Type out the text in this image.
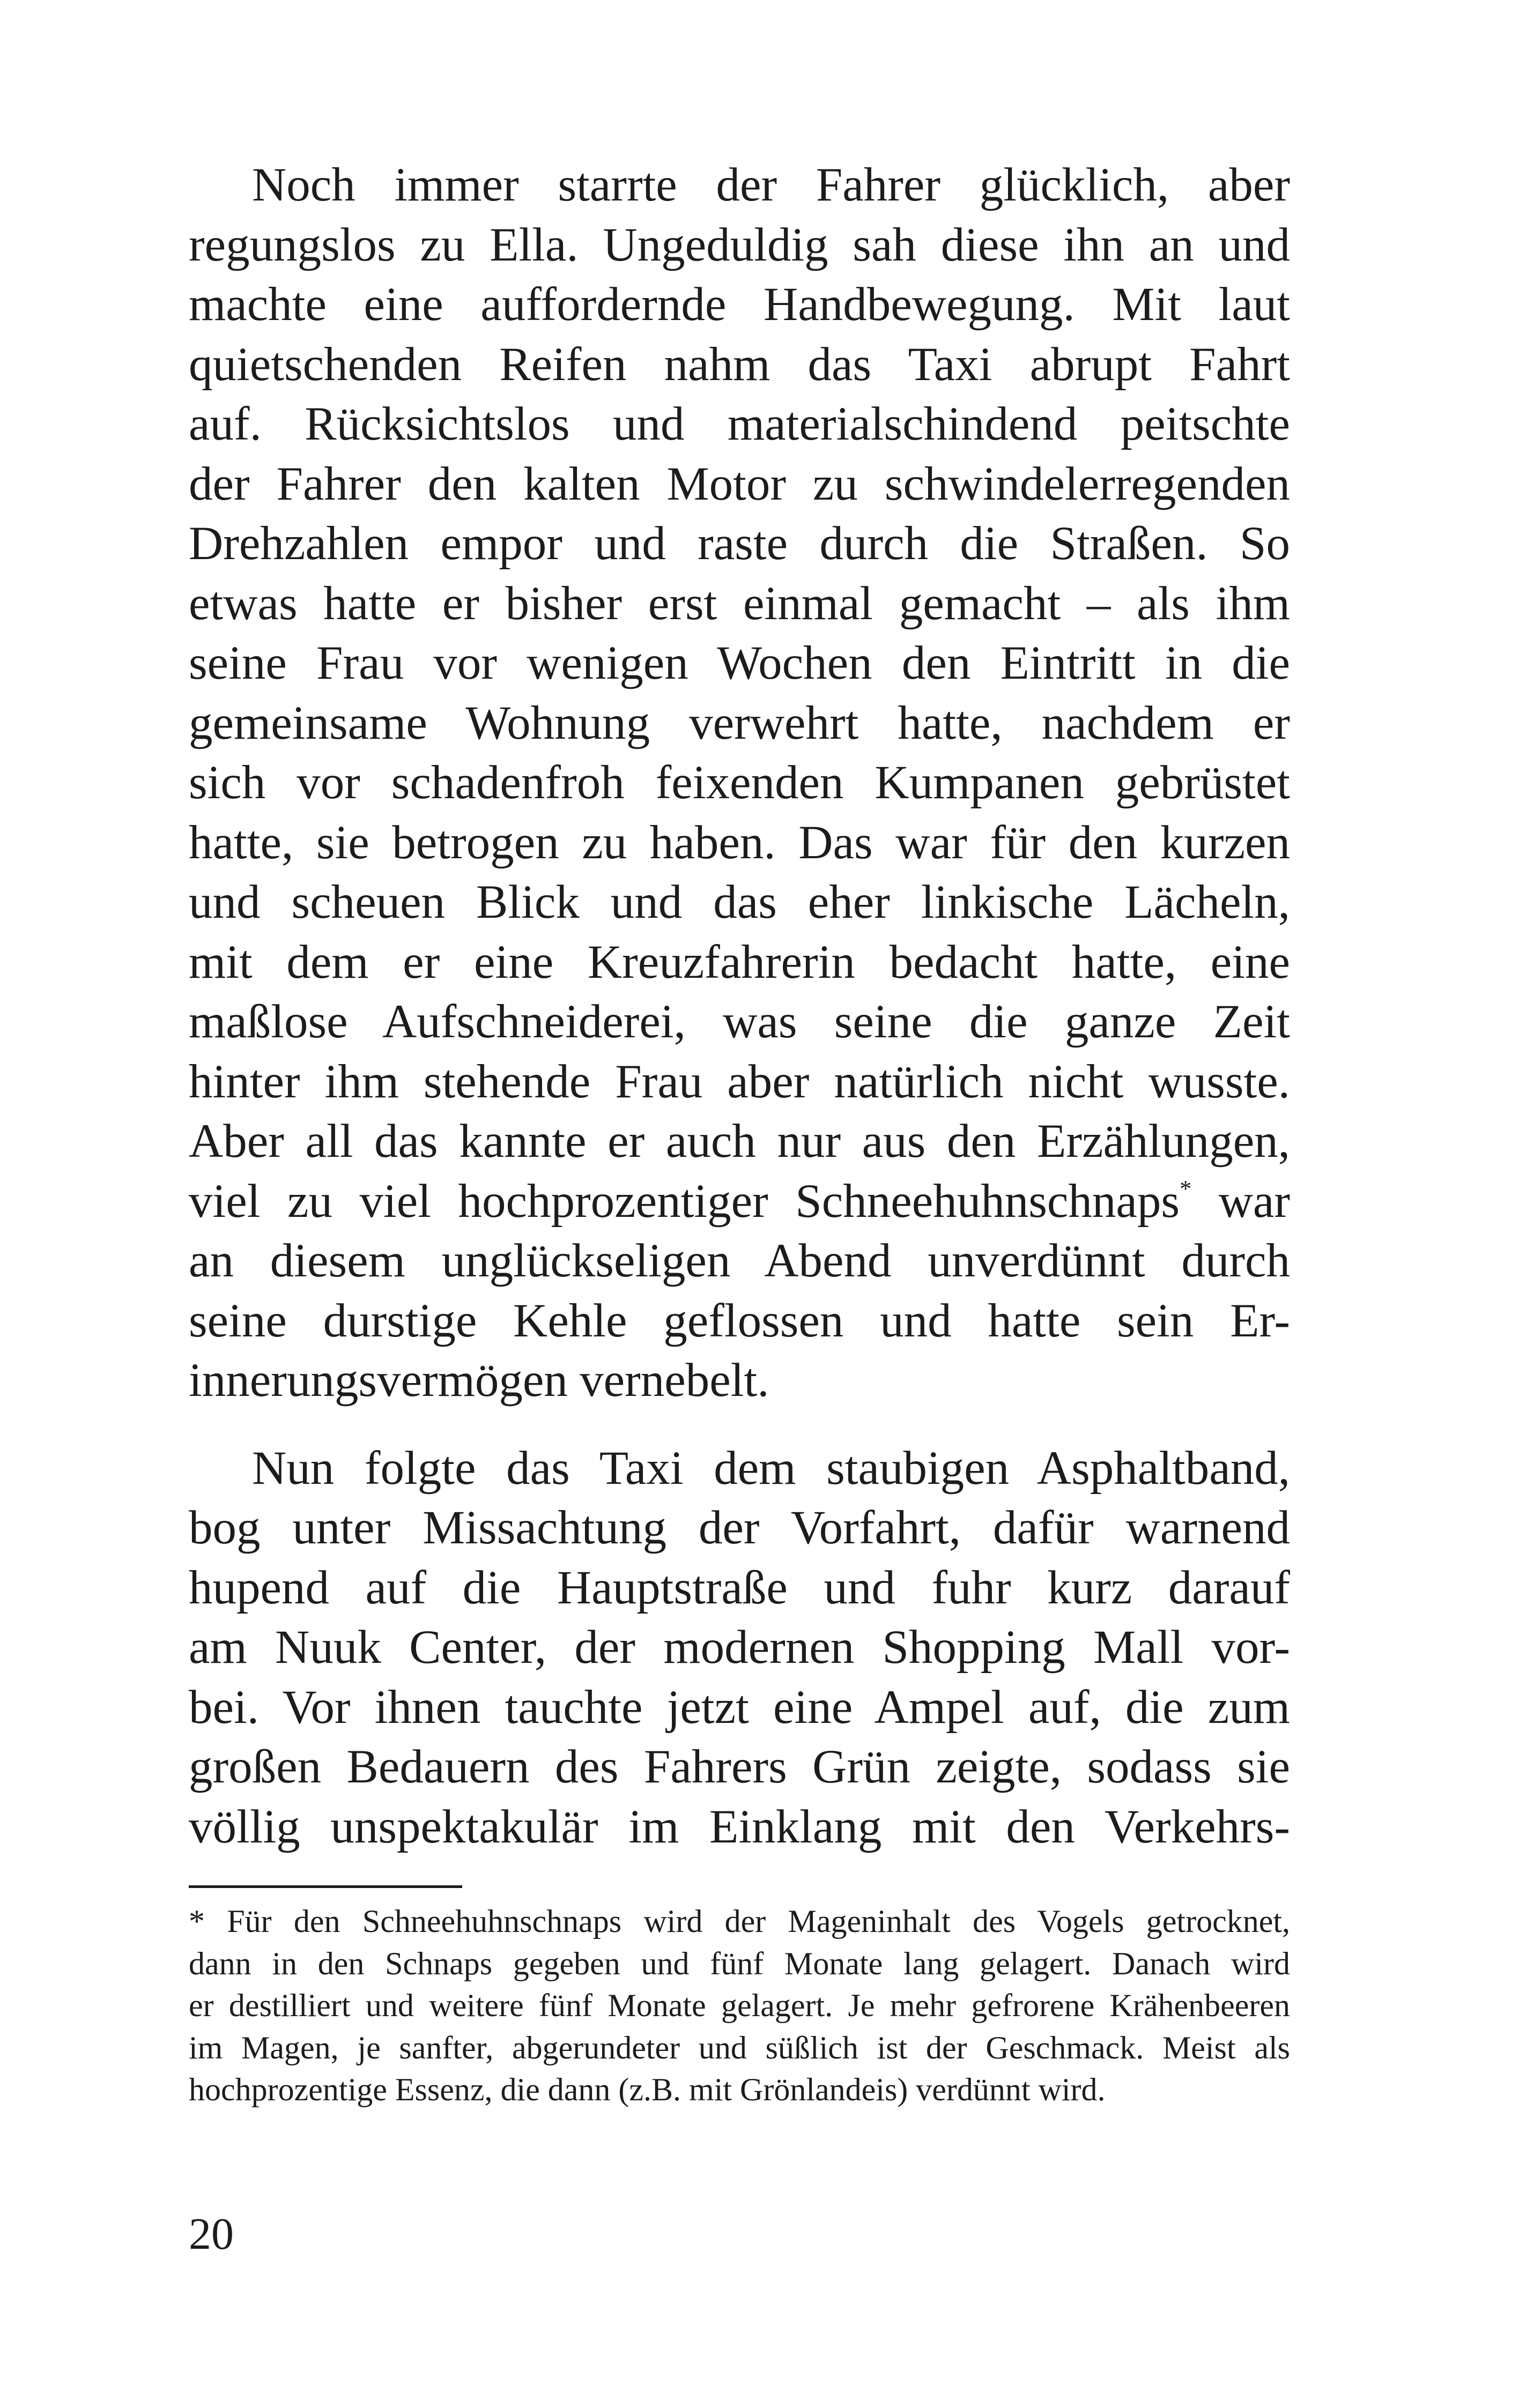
Noch immer starrte der Fahrer glücklich, aber
regungslos zu Ella. Ungeduldig sah diese ihn an und
machte eine auffordernde Handbewegung. Mit laut
quietschenden Reifen nahm das Taxi abrupt Fahrt
auf. Rücksichtslos und materialschindend peitschte
der Fahrer den kalten Motor zu schwindelerregenden
Drehzahlen empor und raste durch die Straßen. So
etwas hatte er bisher erst einmal gemacht – als ihm
seine Frau vor wenigen Wochen den Eintritt in die
gemeinsame Wohnung verwehrt hatte, nachdem er
sich vor schadenfroh feixenden Kumpanen gebrüstet
hatte, sie betrogen zu haben. Das war für den kurzen
und scheuen Blick und das eher linkische Lächeln,
mit dem er eine Kreuzfahrerin bedacht hatte, eine
maßlose Aufschneiderei, was seine die ganze Zeit
hinter ihm stehende Frau aber natürlich nicht wusste.
Aber all das kannte er auch nur aus den Erzählungen,
viel zu viel hochprozentiger Schneehuhnschnaps* war
an diesem unglückseligen Abend unverdünnt durch
seine durstige Kehle geflossen und hatte sein Er-
innerungsvermögen vernebelt.

Nun folgte das Taxi dem staubigen Asphaltband,
bog unter Missachtung der Vorfahrt, dafür warnend
hupend auf die Hauptstraße und fuhr kurz darauf
am Nuuk Center, der modernen Shopping Mall vor-
bei. Vor ihnen tauchte jetzt eine Ampel auf, die zum
großen Bedauern des Fahrers Grün zeigte, sodass sie
völlig unspektakulär im Einklang mit den Verkehrs-

* Für den Schneehuhnschnaps wird der Mageninhalt des Vogels getrocknet,
dann in den Schnaps gegeben und fünf Monate lang gelagert. Danach wird
er destilliert und weitere fünf Monate gelagert. Je mehr gefrorene Krähenbeeren
im Magen, je sanfter, abgerundeter und süßlich ist der Geschmack. Meist als
hochprozentige Essenz, die dann (z.B. mit Grönlandeis) verdünnt wird.
20
